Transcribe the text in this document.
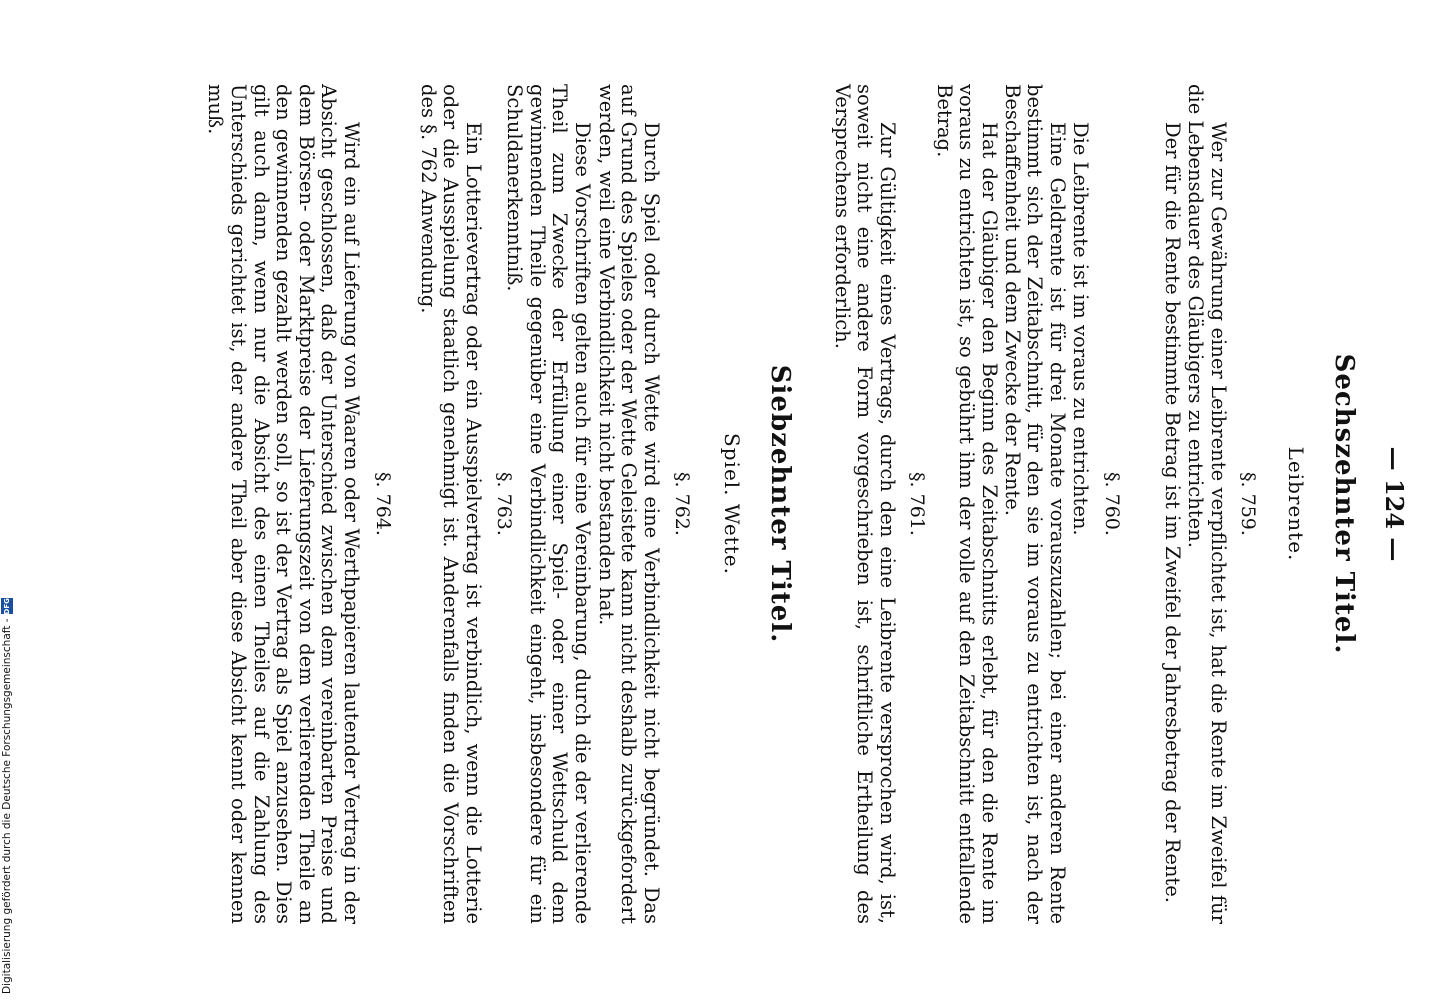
— 124 —
Sechszehnter Titel.
Leibrente.
§. 759.

Wer zur Gewährung einer Leibrente verpflichtet ist, hat die Rente im Zweifel für die Lebensdauer des Gläubigers zu entrichten.

Der für die Rente bestimmte Betrag ist im Zweifel der Jahresbetrag der Rente.

§. 760.

Die Leibrente ist im voraus zu entrichten.

Eine Geldrente ist für drei Monate vorauszuzahlen; bei einer anderen Rente bestimmt sich der Zeitabschnitt, für den sie im voraus zu entrichten ist, nach der Beschaffenheit und dem Zwecke der Rente.

Hat der Gläubiger den Beginn des Zeitabschnitts erlebt, für den die Rente im voraus zu entrichten ist, so gebührt ihm der volle auf den Zeitabschnitt entfallende Betrag.

§. 761.

Zur Gültigkeit eines Vertrags, durch den eine Leibrente versprochen wird, ist, soweit nicht eine andere Form vorgeschrieben ist, schriftliche Ertheilung des Versprechens erforderlich.

Siebzehnter Titel.
Spiel. Wette.
§. 762.

Durch Spiel oder durch Wette wird eine Verbindlichkeit nicht begründet. Das auf Grund des Spieles oder der Wette Geleistete kann nicht deshalb zurückgefordert werden, weil eine Verbindlichkeit nicht bestanden hat.

Diese Vorschriften gelten auch für eine Vereinbarung, durch die der verlierende Theil zum Zwecke der Erfüllung einer Spiel- oder einer Wettschuld dem gewinnenden Theile gegenüber eine Verbindlichkeit eingeht, insbesondere für ein Schuldanerkenntniß.

§. 763.

Ein Lotterievertrag oder ein Ausspielvertrag ist verbindlich, wenn die Lotterie oder die Ausspielung staatlich genehmigt ist. Anderenfalls finden die Vorschriften des §. 762 Anwendung.

§. 764.

Wird ein auf Lieferung von Waaren oder Werthpapieren lautender Vertrag in der Absicht geschlossen, daß der Unterschied zwischen dem vereinbarten Preise und dem Börsen- oder Marktpreise der Lieferungszeit von dem verlierenden Theile an den gewinnenden gezahlt werden soll, so ist der Vertrag als Spiel anzusehen. Dies gilt auch dann, wenn nur die Absicht des einen Theiles auf die Zahlung des Unterschieds gerichtet ist, der andere Theil aber diese Absicht kennt oder kennen muß.

Digitalisierung gefördert durch die Deutsche Forschungsgemeinschaft -
DFG
